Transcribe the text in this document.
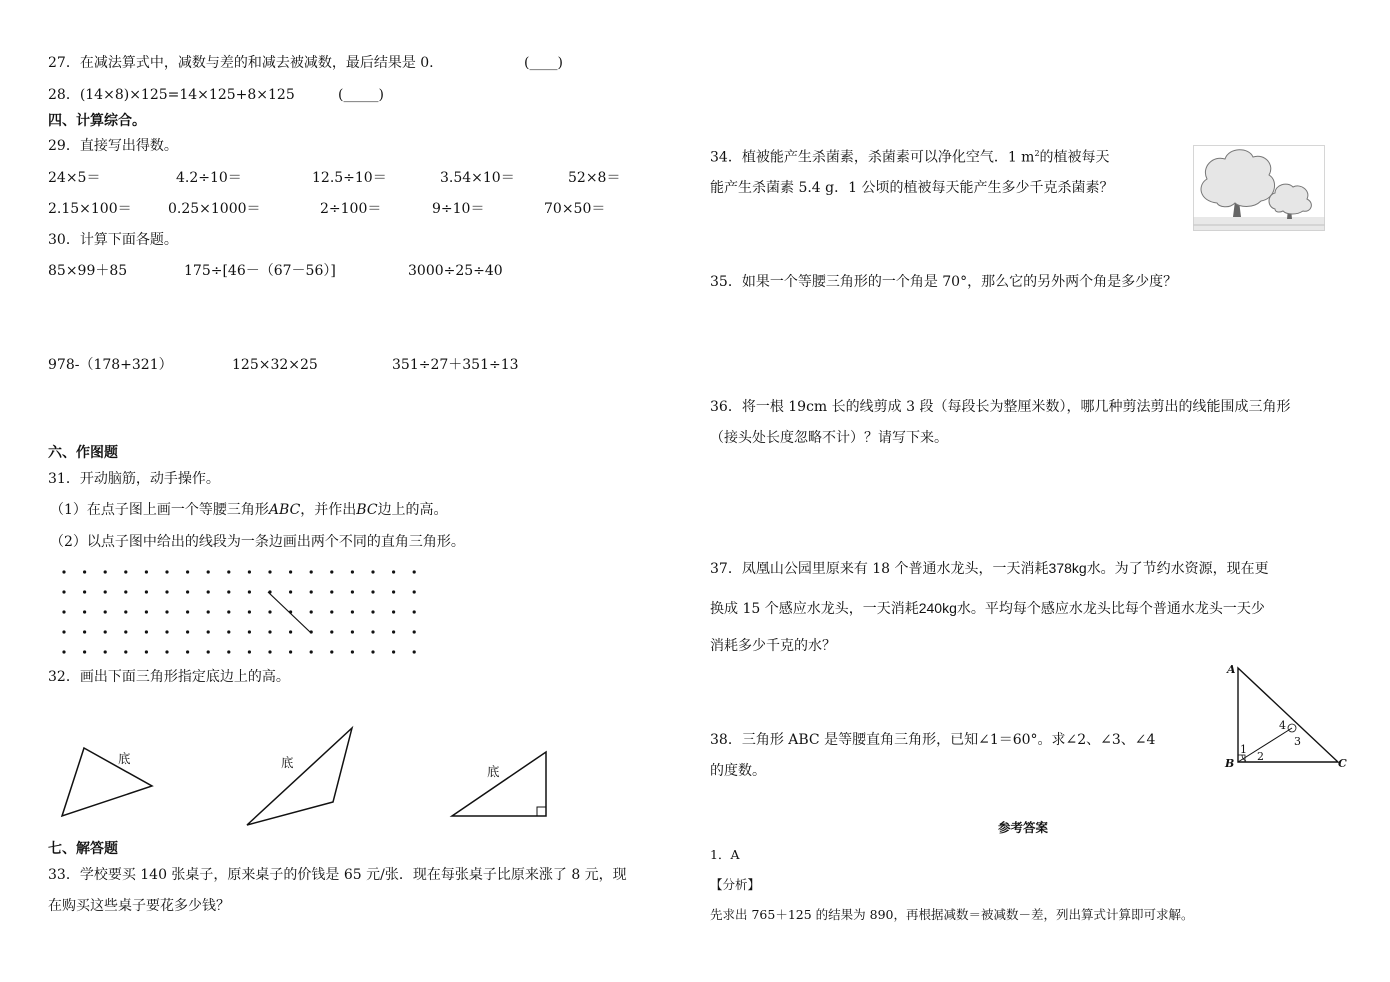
27．在减法算式中，减数与差的和减去被减数，最后结果是 0.	(____)
28．(14×8)×125=14×125+8×125	(_____)
四、计算综合。
29．直接写出得数。
24×5＝	4.2÷10＝	12.5÷10＝	3.54×10＝	52×8＝
2.15×100＝	0.25×1000＝	2÷100＝	9÷10＝	70×50＝
30．计算下面各题。
85×99＋85	175÷[46－（67－56）]	3000÷25÷40
978-（178+321）	125×32×25	351÷27＋351÷13
六、作图题
31．开动脑筋，动手操作。
（1）在点子图上画一个等腰三角形ABC，并作出BC边上的高。
（2）以点子图中给出的线段为一条边画出两个不同的直角三角形。
32．画出下面三角形指定底边上的高。
底	底
底
七、解答题
33．学校要买 140 张桌子，原来桌子的价钱是 65 元/张．现在每张桌子比原来涨了 8 元，现
在购买这些桌子要花多少钱？
34．植被能产生杀菌素，杀菌素可以净化空气．1 $m^2$的植被每天
能产生杀菌素 5.4 g．1 公顷的植被每天能产生多少千克杀菌素？
35．如果一个等腰三角形的一个角是 70°，那么它的另外两个角是多少度？
36．将一根 19cm 长的线剪成 3 段（每段长为整厘米数），哪几种剪法剪出的线能围成三角形
（接头处长度忽略不计）？请写下来。
37．凤凰山公园里原来有 18 个普通水龙头，一天消耗378kg水。为了节约水资源，现在更
换成 15 个感应水龙头，一天消耗240kg水。平均每个感应水龙头比每个普通水龙头一天少
消耗多少千克的水？
38．三角形 ABC 是等腰直角三角形，已知∠1＝60°。求∠2、∠3、∠4
的度数。
A
B	C
1
2
3
4
参考答案
1．A
【分析】
先求出 765＋125 的结果为 890，再根据减数＝被减数－差，列出算式计算即可求解。
